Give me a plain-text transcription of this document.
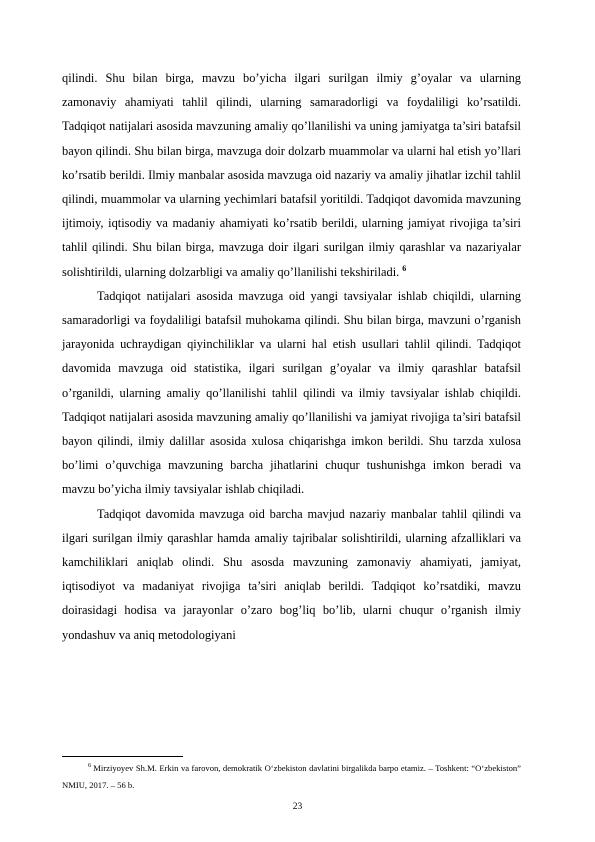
qilindi. Shu bilan birga, mavzu bo’yicha ilgari surilgan ilmiy g’oyalar va ularning zamonaviy ahamiyati tahlil qilindi, ularning samaradorligi va foydaliligi ko’rsatildi. Tadqiqot natijalari asosida mavzuning amaliy qo’llanilishi va uning jamiyatga ta’siri batafsil bayon qilindi. Shu bilan birga, mavzuga doir dolzarb muammolar va ularni hal etish yo’llari ko’rsatib berildi. Ilmiy manbalar asosida mavzuga oid nazariy va amaliy jihatlar izchil tahlil qilindi, muammolar va ularning yechimlari batafsil yoritildi. Tadqiqot davomida mavzuning ijtimoiy, iqtisodiy va madaniy ahamiyati ko’rsatib berildi, ularning jamiyat rivojiga ta’siri tahlil qilindi. Shu bilan birga, mavzuga doir ilgari surilgan ilmiy qarashlar va nazariyalar solishtirildi, ularning dolzarbligi va amaliy qo’llanilishi tekshiriladi. $^6$

Tadqiqot natijalari asosida mavzuga oid yangi tavsiyalar ishlab chiqildi, ularning samaradorligi va foydaliligi batafsil muhokama qilindi. Shu bilan birga, mavzuni o’rganish jarayonida uchraydigan qiyinchiliklar va ularni hal etish usullari tahlil qilindi. Tadqiqot davomida mavzuga oid statistika, ilgari surilgan g’oyalar va ilmiy qarashlar batafsil o’rganildi, ularning amaliy qo’llanilishi tahlil qilindi va ilmiy tavsiyalar ishlab chiqildi. Tadqiqot natijalari asosida mavzuning amaliy qo’llanilishi va jamiyat rivojiga ta’siri batafsil bayon qilindi, ilmiy dalillar asosida xulosa chiqarishga imkon berildi. Shu tarzda xulosa bo’limi o’quvchiga mavzuning barcha jihatlarini chuqur tushunishga imkon beradi va mavzu bo’yicha ilmiy tavsiyalar ishlab chiqiladi.

Tadqiqot davomida mavzuga oid barcha mavjud nazariy manbalar tahlil qilindi va ilgari surilgan ilmiy qarashlar hamda amaliy tajribalar solishtirildi, ularning afzalliklari va kamchiliklari aniqlab olindi. Shu asosda mavzuning zamonaviy ahamiyati, jamiyat, iqtisodiyot va madaniyat rivojiga ta’siri aniqlab berildi. Tadqiqot ko’rsatdiki, mavzu doirasidagi hodisa va jarayonlar o’zaro bog’liq bo’lib, ularni chuqur o’rganish ilmiy yondashuv va aniq metodologiyani

$^6$ Mirziyoyev Sh.M. Erkin va farovon, demokratik O‘zbekiston davlatini birgalikda barpo etamiz. – Toshkent: “O‘zbekiston” NMIU, 2017. – 56 b.

23
